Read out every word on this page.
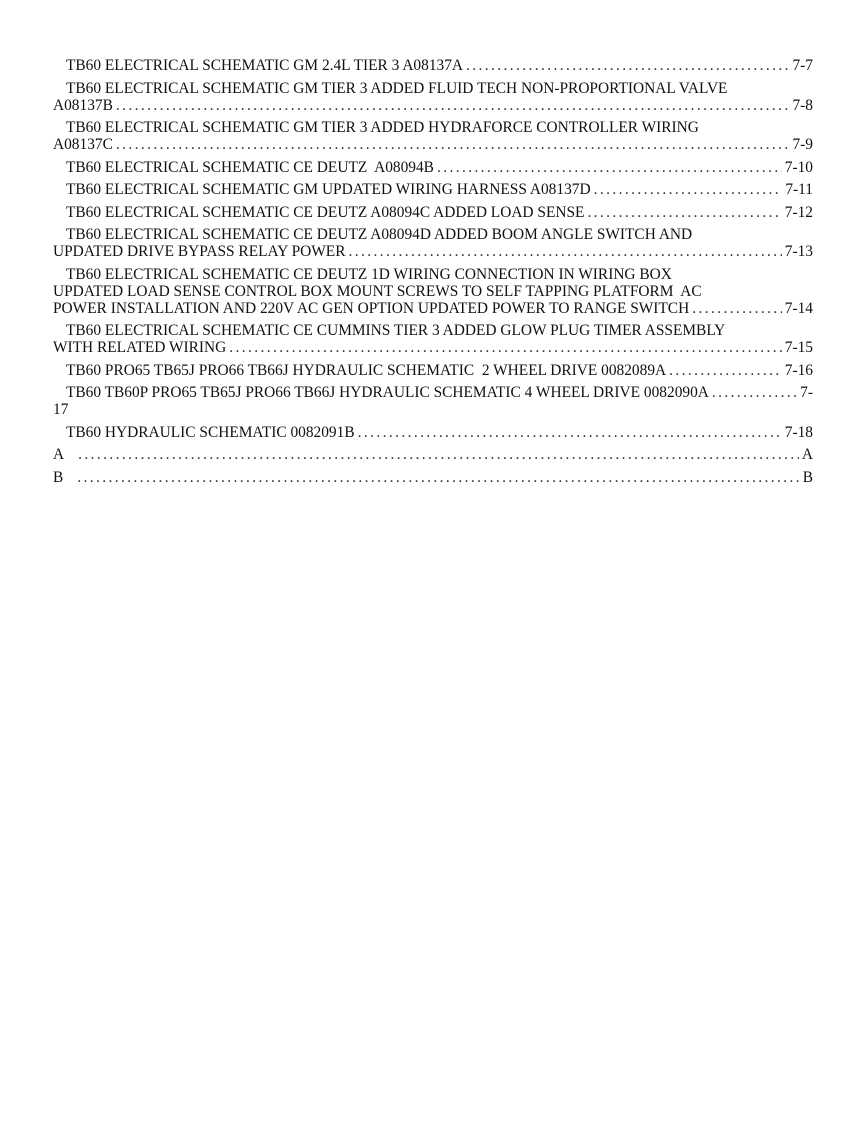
TB60 ELECTRICAL SCHEMATIC GM 2.4L TIER 3 A08137A .....	7-7
TB60 ELECTRICAL SCHEMATIC GM TIER 3 ADDED FLUID TECH NON-PROPORTIONAL VALVE
A08137B .....	7-8
TB60 ELECTRICAL SCHEMATIC GM TIER 3 ADDED HYDRAFORCE CONTROLLER WIRING
A08137C .....	7-9
TB60 ELECTRICAL SCHEMATIC CE DEUTZ  A08094B .....	7-10
TB60 ELECTRICAL SCHEMATIC GM UPDATED WIRING HARNESS A08137D .....	7-11
TB60 ELECTRICAL SCHEMATIC CE DEUTZ A08094C ADDED LOAD SENSE .....	7-12
TB60 ELECTRICAL SCHEMATIC CE DEUTZ A08094D ADDED BOOM ANGLE SWITCH AND
UPDATED DRIVE BYPASS RELAY POWER .....	7-13
TB60 ELECTRICAL SCHEMATIC CE DEUTZ 1D WIRING CONNECTION IN WIRING BOX
UPDATED LOAD SENSE CONTROL BOX MOUNT SCREWS TO SELF TAPPING PLATFORM  AC
POWER INSTALLATION AND 220V AC GEN OPTION UPDATED POWER TO RANGE SWITCH .....	7-14
TB60 ELECTRICAL SCHEMATIC CE CUMMINS TIER 3 ADDED GLOW PLUG TIMER ASSEMBLY
WITH RELATED WIRING .....	7-15
TB60 PRO65 TB65J PRO66 TB66J HYDRAULIC SCHEMATIC  2 WHEEL DRIVE 0082089A .....	7-16
TB60 TB60P PRO65 TB65J PRO66 TB66J HYDRAULIC SCHEMATIC 4 WHEEL DRIVE 0082090A .....	7-
17
TB60 HYDRAULIC SCHEMATIC 0082091B .....	7-18
A .....	A
B .....	B
